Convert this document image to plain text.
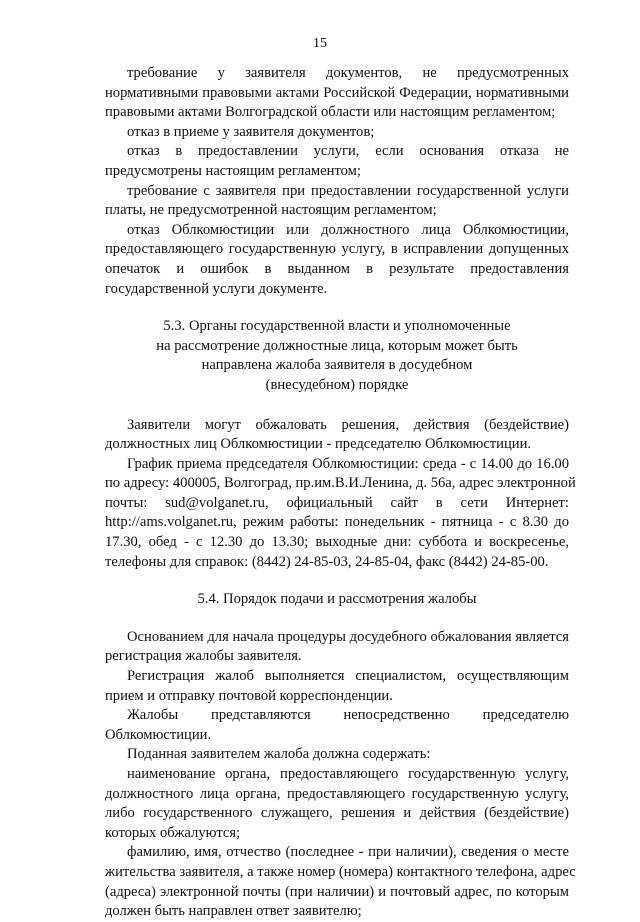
15
требование у заявителя документов, не предусмотренных
нормативными правовыми актами Российской Федерации, нормативными
правовыми актами Волгоградской области или настоящим регламентом;
отказ в приеме у заявителя документов;
отказ в предоставлении услуги, если основания отказа не
предусмотрены настоящим регламентом;
требование с заявителя при предоставлении государственной услуги
платы, не предусмотренной настоящим регламентом;
отказ Облкомюстиции или должностного лица Облкомюстиции,
предоставляющего государственную услугу, в исправлении допущенных
опечаток и ошибок в выданном в результате предоставления
государственной услуги документе.
5.3. Органы государственной власти и уполномоченные
на рассмотрение должностные лица, которым может быть
направлена жалоба заявителя в досудебном
(внесудебном) порядке
Заявители могут обжаловать решения, действия (бездействие)
должностных лиц Облкомюстиции - председателю Облкомюстиции.
График приема председателя Облкомюстиции: среда - с 14.00 до 16.00
по адресу: 400005, Волгоград, пр.им.В.И.Ленина, д. 56а, адрес электронной
почты: sud@volganet.ru, официальный сайт в сети Интернет:
http://ams.volganet.ru, режим работы: понедельник - пятница - с 8.30 до
17.30, обед - с 12.30 до 13.30; выходные дни: суббота и воскресенье,
телефоны для справок: (8442) 24-85-03, 24-85-04, факс (8442) 24-85-00.
5.4. Порядок подачи и рассмотрения жалобы
Основанием для начала процедуры досудебного обжалования является
регистрация жалобы заявителя.
Регистрация жалоб выполняется специалистом, осуществляющим
прием и отправку почтовой корреспонденции.
Жалобы представляются непосредственно председателю
Облкомюстиции.
Поданная заявителем жалоба должна содержать:
наименование органа, предоставляющего государственную услугу,
должностного лица органа, предоставляющего государственную услугу,
либо государственного служащего, решения и действия (бездействие)
которых обжалуются;
фамилию, имя, отчество (последнее - при наличии), сведения о месте
жительства заявителя, а также номер (номера) контактного телефона, адрес
(адреса) электронной почты (при наличии) и почтовый адрес, по которым
должен быть направлен ответ заявителю;
